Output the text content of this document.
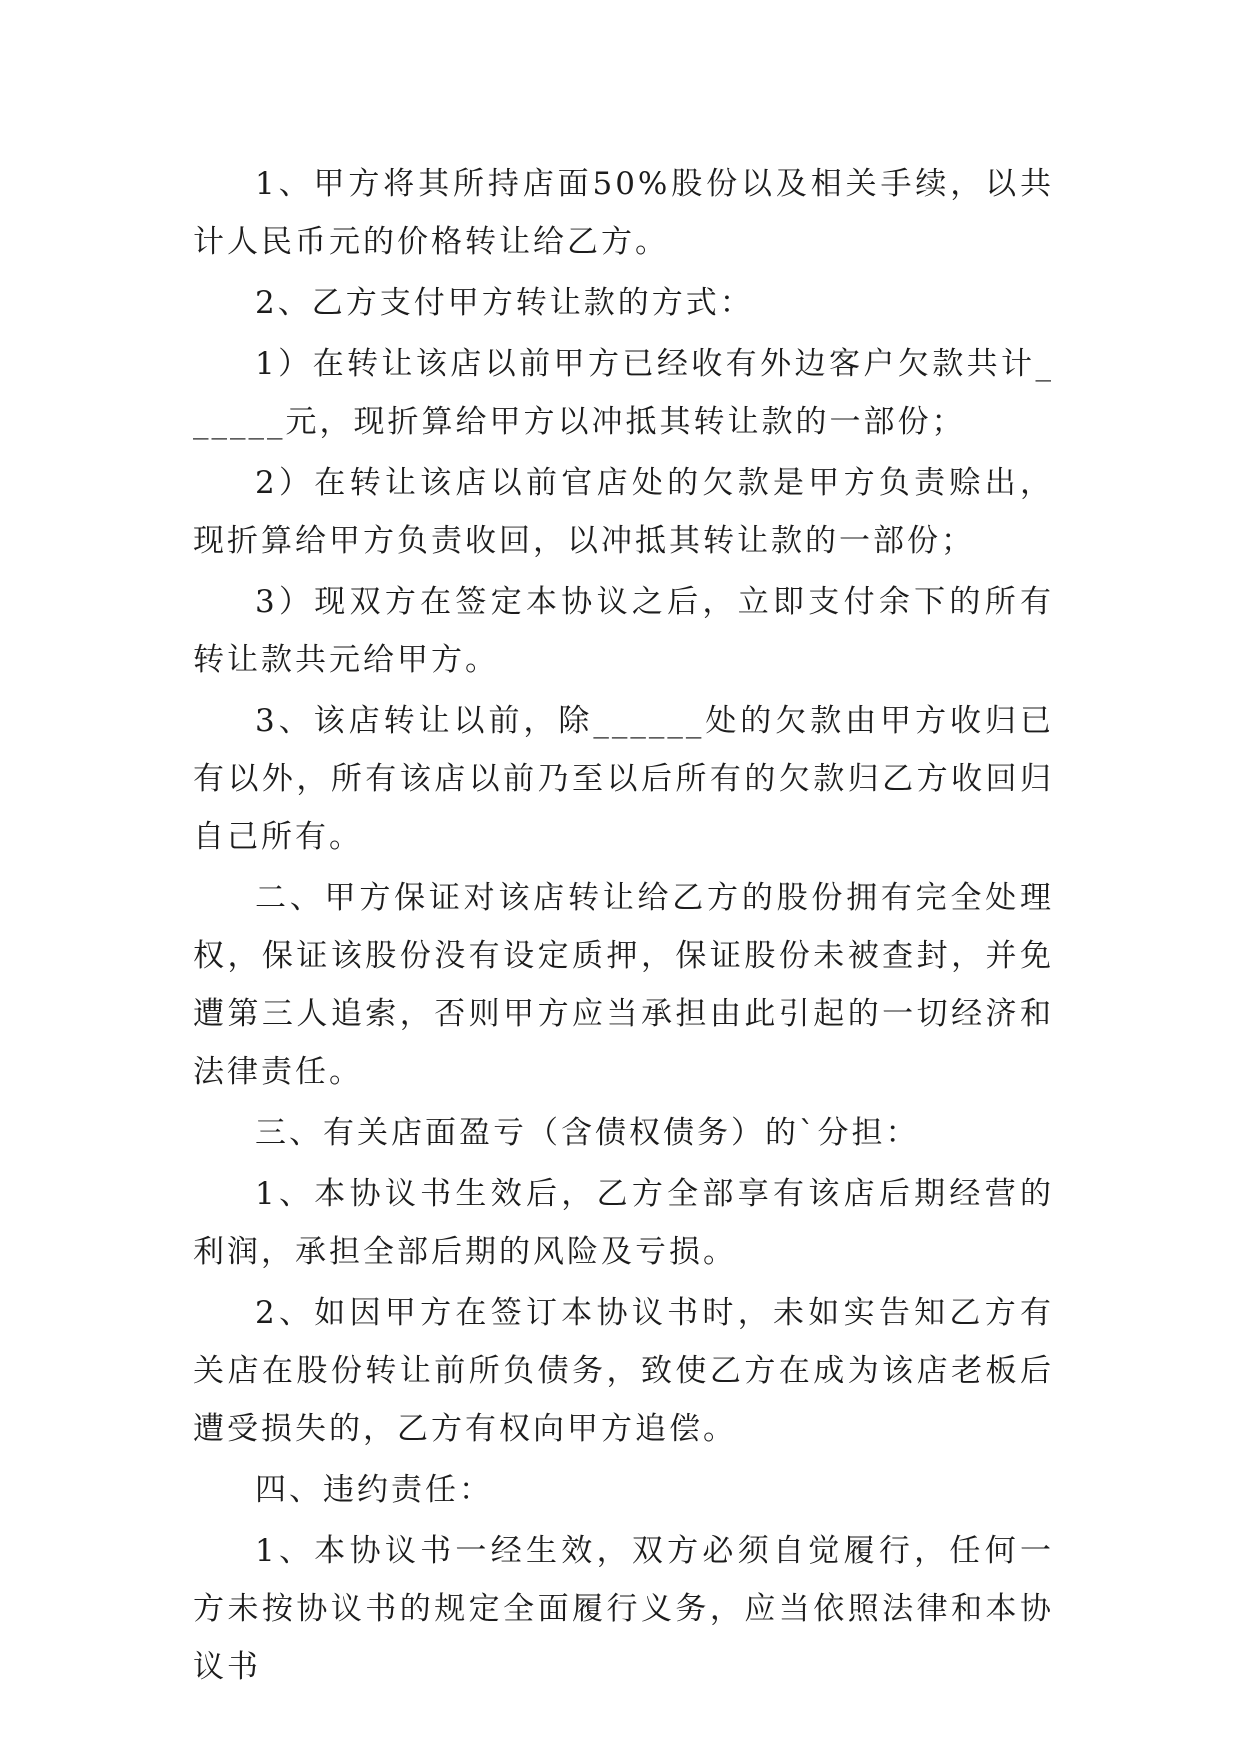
1、甲方将其所持店面50%股份以及相关手续，以共计人民币元的价格转让给乙方。

2、乙方支付甲方转让款的方式：

1）在转让该店以前甲方已经收有外边客户欠款共计______元，现折算给甲方以冲抵其转让款的一部份；

2）在转让该店以前官店处的欠款是甲方负责赊出，现折算给甲方负责收回，以冲抵其转让款的一部份；

3）现双方在签定本协议之后，立即支付余下的所有转让款共元给甲方。

3、该店转让以前，除______处的欠款由甲方收归已有以外，所有该店以前乃至以后所有的欠款归乙方收回归自己所有。

二、甲方保证对该店转让给乙方的股份拥有完全处理权，保证该股份没有设定质押，保证股份未被查封，并免遭第三人追索，否则甲方应当承担由此引起的一切经济和法律责任。

三、有关店面盈亏（含债权债务）的`分担：

1、本协议书生效后，乙方全部享有该店后期经营的利润，承担全部后期的风险及亏损。

2、如因甲方在签订本协议书时，未如实告知乙方有关店在股份转让前所负债务，致使乙方在成为该店老板后遭受损失的，乙方有权向甲方追偿。

四、违约责任：

1、本协议书一经生效，双方必须自觉履行，任何一方未按协议书的规定全面履行义务，应当依照法律和本协议书
